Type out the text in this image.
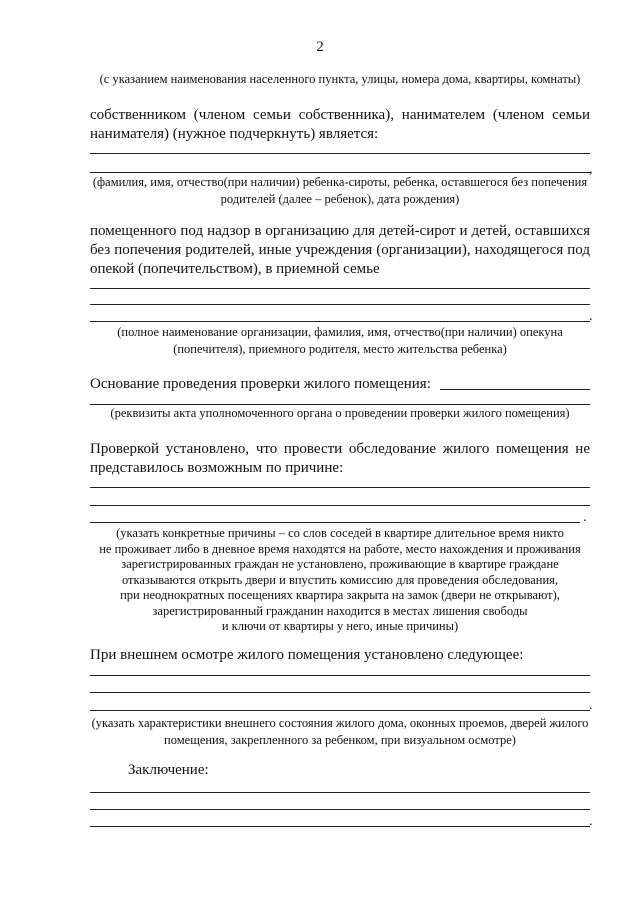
2
(с указанием наименования населенного пункта, улицы, номера дома, квартиры, комнаты)
собственником (членом семьи собственника), нанимателем (членом семьи нанимателя) (нужное подчеркнуть) является:
,
(фамилия, имя, отчество(при наличии) ребенка-сироты, ребенка, оставшегося без попечения родителей (далее – ребенок), дата рождения)
помещенного под надзор в организацию для детей-сирот и детей, оставшихся без попечения родителей, иные учреждения (организации), находящегося под опекой (попечительством), в приемной семье
.
(полное наименование организации, фамилия, имя, отчество(при наличии) опекуна (попечителя), приемного родителя, место жительства ребенка)
Основание проведения проверки жилого помещения:
(реквизиты акта уполномоченного органа о проведении проверки жилого помещения)
Проверкой установлено, что провести обследование жилого помещения не представилось возможным по причине:
.
(указать конкретные причины – со слов соседей в квартире длительное время никто
не проживает либо в дневное время находятся на работе, место нахождения и проживания
зарегистрированных граждан не установлено, проживающие в квартире граждане
отказываются открыть двери и впустить комиссию для проведения обследования,
при неоднократных посещениях квартира закрыта на замок (двери не открывают),
зарегистрированный гражданин находится в местах лишения свободы
и ключи от квартиры у него, иные причины)
При внешнем осмотре жилого помещения установлено следующее:
.
(указать характеристики внешнего состояния жилого дома, оконных проемов, дверей жилого помещения, закрепленного за ребенком, при визуальном осмотре)
Заключение:
.
